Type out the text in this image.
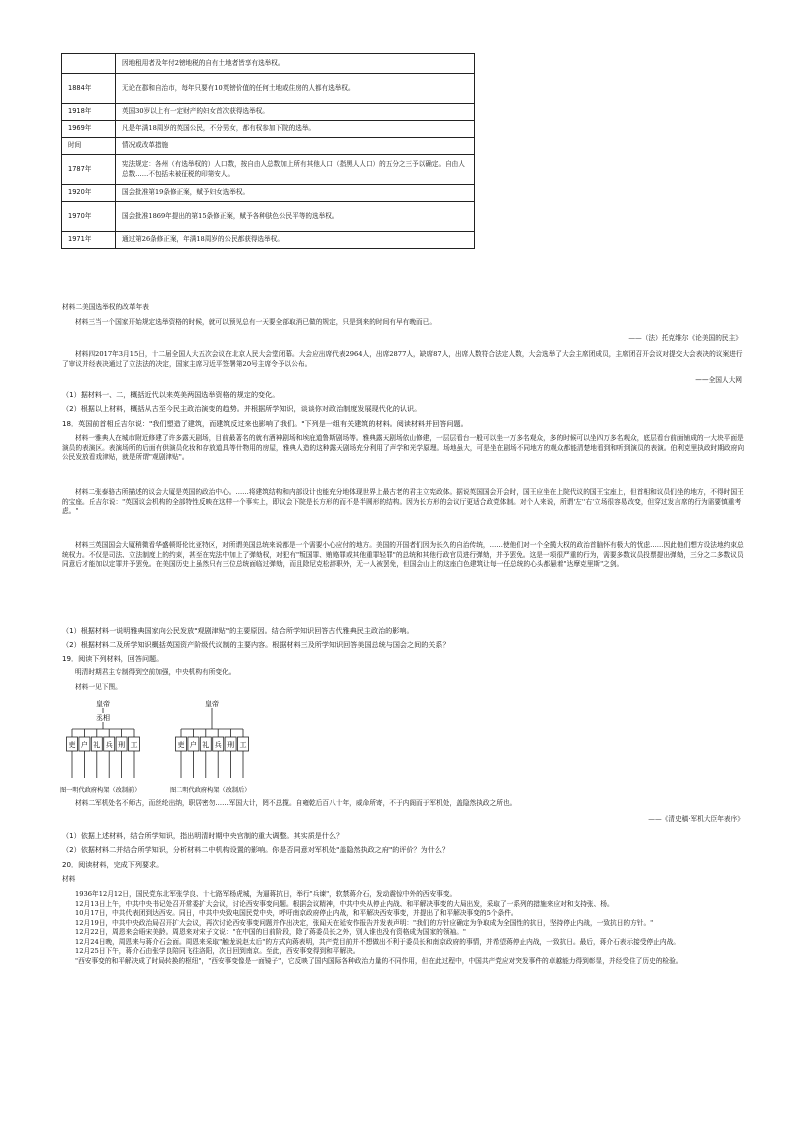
	因地租用者及年付2镑地税的自有土地者皆享有选举权。
1884年	无论在郡和自治市，每年只要有10英镑价值的任何土地或住房的人都有选举权。
1918年	英国30岁以上有一定财产的妇女首次获得选举权。
1969年	凡是年满18周岁的英国公民，不分男女，都有权参加下院的选举。
时间	情况或改革措施
1787年	宪法规定：各州（有选举权的）人口数，按自由人总数加上所有其他人口（指黑人人口）的五分之三予以确定。自由人总数……不包括未被征税的印第安人。
1920年	国会批准第19条修正案，赋予妇女选举权。
1970年	国会批准1869年提出的第15条修正案，赋予各种肤色公民平等的选举权。
1971年	通过第26条修正案，年满18周岁的公民都获得选举权。
材料二美国选举权的改革年表
材料三当一个国家开始规定选举资格的时候，就可以预见总有一天要全部取消已做的规定，只是到来的时间有早有晚而已。
——（法）托克维尔《论美国的民主》
材料四2017年3月15日，十二届全国人大五次会议在北京人民大会堂闭幕。大会应出席代表2964人，出席2877人，缺席87人，出席人数符合法定人数，大会选举了大会主席团成员，主席团召开会议对提交大会表决的议案进行了审议并经表决通过了立法法的决定，国家主席习近平签署第20号主席令予以公布。
——全国人大网
（1）据材料一、二，概括近代以来英美两国选举资格的规定的变化。
（2）根据以上材料，概括从古至今民主政治演变的趋势。并根据所学知识，谈谈你对政治制度发展现代化的认识。
18．英国前首相丘吉尔说："我们塑造了建筑，而建筑反过来也影响了我们。"下列是一组有关建筑的材料。阅读材料并回答问题。
材料一雅典人在城市附近修建了许多露天剧场，目前最著名的就有酒神剧场和埃庇道鲁斯剧场等。雅典露天剧场依山修建，一层层看台一般可以坐一万多名观众，多的时候可以坐四万多名观众，底层看台前面铺成的一大块平面是演员的表演区。表演场所的后面有供演员化妆和存放道具等什物用的房屋，雅典人造的这种露天剧场充分利用了声学和光学原理。场地虽大，可是坐在剧场不同地方的观众都能清楚地看到和听到演员的表演。伯利克里执政时期政府向公民发放看戏津贴，就是所谓"观剧津贴"。
材料二张泰骆古所描述的议会大厦是英国的政治中心。……将建筑结构和内部设计也能充分地体现世界上最古老的君主立宪政体。据说英国国会开会时，国王应坐在上院代议的国王宝座上，但首相和议员们坐的地方，不得时国王的宝座。丘吉尔说："英国议会机构的全部特性反映在这样一个事实上，即议会下院是长方形的而不是半圆形的结构。因为长方形的会议厅更适合政党体制。对个人来说，所谓'左''右'立场很容易改变，但穿过发言席的行为需要慎重考虑。"
材料三英国国会大厦稍微看华盛顿哥伦比亚特区，对所谓美国总统来说都是一个需要小心应付的地方。美国的开国者们因为长久的自治传统，……使他们对一个全揽大权的政治首脑怀有极大的忧虑……因此他们想方设法地约束总统权力。不仅是司法、立法制度上的约束，甚至在宪法中加上了弹劾权，对犯有"叛国罪、贿赂罪或其他重罪轻罪"的总统和其他行政官员进行弹劾，并予罢免。这是一项很严重的行为，需要多数议员投票提出弹劾，三分之二多数议员同意后才能加以定罪并予罢免。在美国历史上虽然只有三位总统面临过弹劾，而且除尼克松辞职外，无一人被罢免，但国会山上的这座白色建筑让每一任总统的心头都悬着"达摩克里斯"之剑。
（1）根据材料一说明雅典国家向公民发放"观剧津贴"的主要原因。结合所学知识回答古代雅典民主政治的影响。
（2）根据材料二及所学知识概括英国资产阶级代议制的主要内容。根据材料三及所学知识回答美国总统与国会之间的关系？
19．阅读下列材料，回答问题。
明清时期君主专制得到空前加强，中央机构有所变化。
材料一见下图。
皇帝
丞相
吏 户 礼 兵 刑 工
皇帝
吏 户 礼 兵 刑 工
图一明代政府构架（改制前）	图二明代政府构架（改制后）
材料二军机处名不师古，而丝纶出纳，职居密勿……军国大计，罔不总揽。自雍乾后百八十年，威命所寄，不于内阁而于军机处，盖隐然执政之所也。
——《清史稿·军机大臣年表序》
（1）依据上述材料，结合所学知识，指出明清时期中央官制的重大调整。其实质是什么？
（2）依据材料二并结合所学知识，分析材料二中机构设置的影响。你是否同意对军机处"盖隐然执政之府"的评价？为什么？
20．阅读材料，完成下列要求。
材料
1936年12月12日，国民党东北军张学良、十七路军杨虎城，为逼蒋抗日，举行"兵谏"，软禁蒋介石，发动震惊中外的西安事变。
12月13日上午，中共中央书记处召开常委扩大会议，讨论西安事变问题。根据会议精神，中共中央从停止内战、和平解决事变的大局出发，采取了一系列的措施来应对和支持张、杨。
10月17日，中共代表团到达西安。同日，中共中央致电国民党中央，呼吁南京政府停止内战，和平解决西安事变，并提出了和平解决事变的5个条件。
12月19日，中共中央政治局召开扩大会议，再次讨论西安事变问题并作出决定，张闻天在延安作报告并发表声明："我们的方针应确定为争取成为全国性的抗日，坚持停止内战，一致抗日的方针。"
12月22日，周恩来会晤宋美龄。周恩来对宋子文说："在中国的目前阶段，除了蒋委员长之外，别人谁也没有资格成为国家的领袖。"
12月24日晚，周恩来与蒋介石会面。周恩来采取"触龙说赵太后"的方式向蒋表明，共产党目前并不想做出不利于委员长和南京政府的事情，并希望蒋停止内战，一致抗日。最后，蒋介石表示接受停止内战。
12月25日下午，蒋介石由张学良陪同飞往洛阳，次日回到南京。至此，西安事变得到和平解决。
"西安事变的和平解决成了时局转换的枢纽"，"西安事变像是一面镜子"，它反映了国内国际各种政治力量的不同作用，但在此过程中，中国共产党应对突发事件的卓越能力得到彰显，并经受住了历史的检验。
